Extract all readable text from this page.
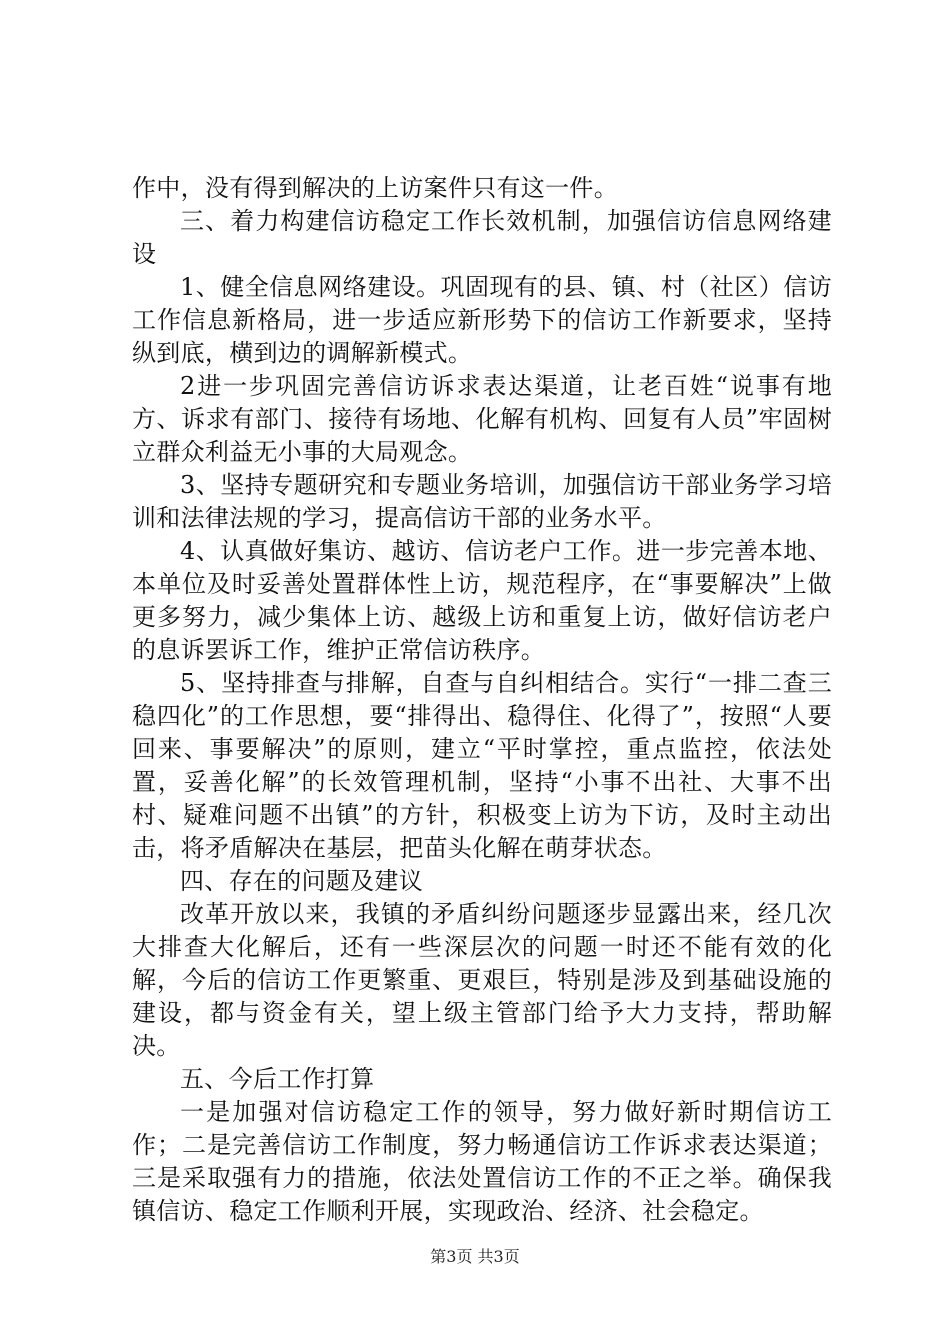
作中，没有得到解决的上访案件只有这一件。

三、着力构建信访稳定工作长效机制，加强信访信息网络建设

1、健全信息网络建设。巩固现有的县、镇、村（社区）信访工作信息新格局，进一步适应新形势下的信访工作新要求，坚持纵到底，横到边的调解新模式。

2进一步巩固完善信访诉求表达渠道，让老百姓“说事有地方、诉求有部门、接待有场地、化解有机构、回复有人员”牢固树立群众利益无小事的大局观念。

3、坚持专题研究和专题业务培训，加强信访干部业务学习培训和法律法规的学习，提高信访干部的业务水平。

4、认真做好集访、越访、信访老户工作。进一步完善本地、本单位及时妥善处置群体性上访，规范程序，在“事要解决”上做更多努力，减少集体上访、越级上访和重复上访，做好信访老户的息诉罢诉工作，维护正常信访秩序。

5、坚持排查与排解，自查与自纠相结合。实行“一排二查三稳四化”的工作思想，要“排得出、稳得住、化得了”，按照“人要回来、事要解决”的原则，建立“平时掌控，重点监控，依法处置，妥善化解”的长效管理机制，坚持“小事不出社、大事不出村、疑难问题不出镇”的方针，积极变上访为下访，及时主动出击，将矛盾解决在基层，把苗头化解在萌芽状态。

四、存在的问题及建议

改革开放以来，我镇的矛盾纠纷问题逐步显露出来，经几次大排查大化解后，还有一些深层次的问题一时还不能有效的化解，今后的信访工作更繁重、更艰巨，特别是涉及到基础设施的建设，都与资金有关，望上级主管部门给予大力支持，帮助解决。

五、今后工作打算

一是加强对信访稳定工作的领导，努力做好新时期信访工作；二是完善信访工作制度，努力畅通信访工作诉求表达渠道；三是采取强有力的措施，依法处置信访工作的不正之举。确保我镇信访、稳定工作顺利开展，实现政治、经济、社会稳定。

第3页 共3页
